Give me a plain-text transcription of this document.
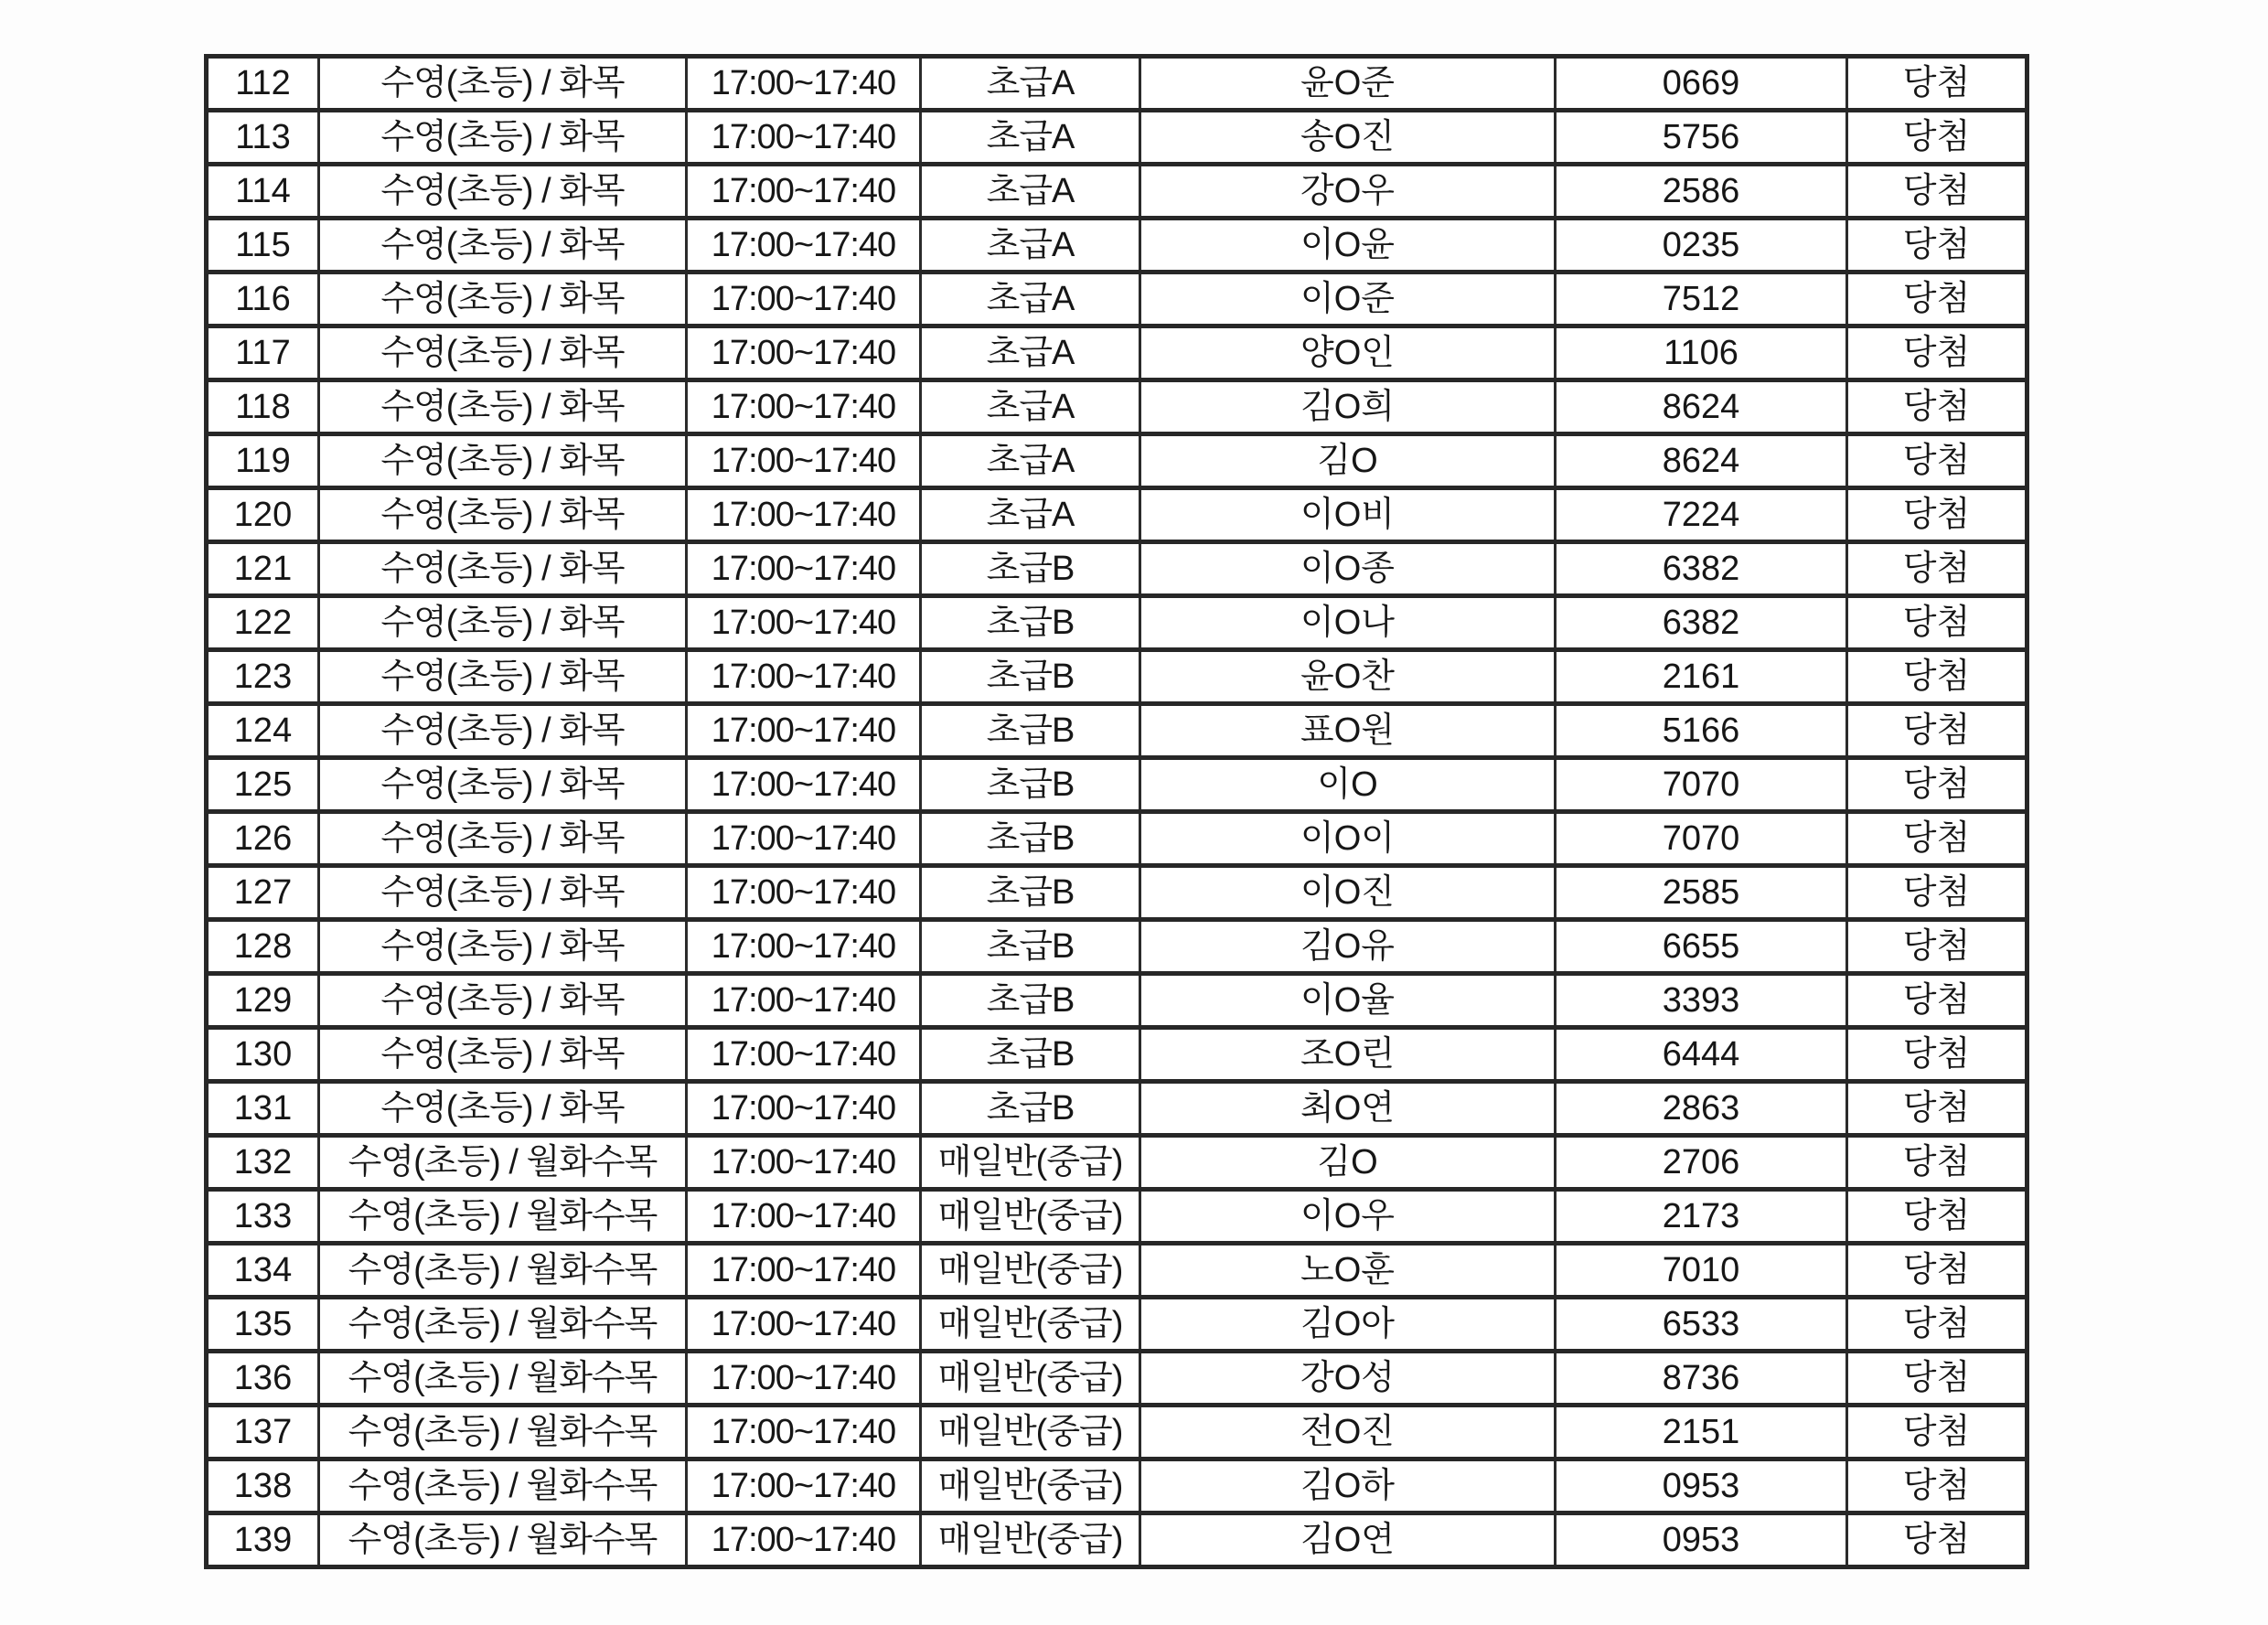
112	수영(초등) / 화목	17:00~17:40	초급A	윤O준	0669	당첨
113	수영(초등) / 화목	17:00~17:40	초급A	송O진	5756	당첨
114	수영(초등) / 화목	17:00~17:40	초급A	강O우	2586	당첨
115	수영(초등) / 화목	17:00~17:40	초급A	이O윤	0235	당첨
116	수영(초등) / 화목	17:00~17:40	초급A	이O준	7512	당첨
117	수영(초등) / 화목	17:00~17:40	초급A	양O인	1106	당첨
118	수영(초등) / 화목	17:00~17:40	초급A	김O희	8624	당첨
119	수영(초등) / 화목	17:00~17:40	초급A	김O	8624	당첨
120	수영(초등) / 화목	17:00~17:40	초급A	이O비	7224	당첨
121	수영(초등) / 화목	17:00~17:40	초급B	이O종	6382	당첨
122	수영(초등) / 화목	17:00~17:40	초급B	이O나	6382	당첨
123	수영(초등) / 화목	17:00~17:40	초급B	윤O찬	2161	당첨
124	수영(초등) / 화목	17:00~17:40	초급B	표O원	5166	당첨
125	수영(초등) / 화목	17:00~17:40	초급B	이O	7070	당첨
126	수영(초등) / 화목	17:00~17:40	초급B	이O이	7070	당첨
127	수영(초등) / 화목	17:00~17:40	초급B	이O진	2585	당첨
128	수영(초등) / 화목	17:00~17:40	초급B	김O유	6655	당첨
129	수영(초등) / 화목	17:00~17:40	초급B	이O율	3393	당첨
130	수영(초등) / 화목	17:00~17:40	초급B	조O린	6444	당첨
131	수영(초등) / 화목	17:00~17:40	초급B	최O연	2863	당첨
132	수영(초등) / 월화수목	17:00~17:40	매일반(중급)	김O	2706	당첨
133	수영(초등) / 월화수목	17:00~17:40	매일반(중급)	이O우	2173	당첨
134	수영(초등) / 월화수목	17:00~17:40	매일반(중급)	노O훈	7010	당첨
135	수영(초등) / 월화수목	17:00~17:40	매일반(중급)	김O아	6533	당첨
136	수영(초등) / 월화수목	17:00~17:40	매일반(중급)	강O성	8736	당첨
137	수영(초등) / 월화수목	17:00~17:40	매일반(중급)	전O진	2151	당첨
138	수영(초등) / 월화수목	17:00~17:40	매일반(중급)	김O하	0953	당첨
139	수영(초등) / 월화수목	17:00~17:40	매일반(중급)	김O연	0953	당첨
